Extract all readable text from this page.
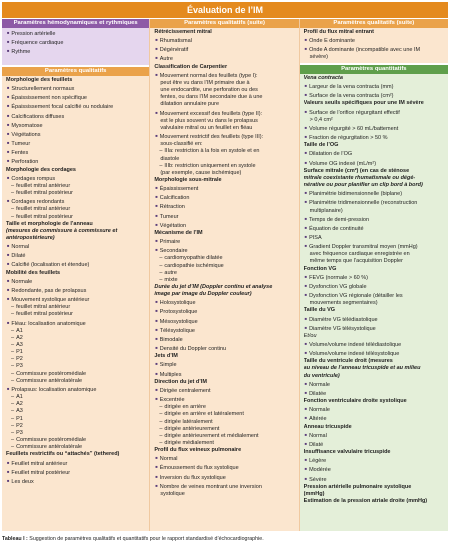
Évaluation de l’IM
Paramètres hémodynamiques et rythmiques
■ Pression artérielle
■ Fréquence cardiaque
■ Rythme
Paramètres qualitatifs
Morphologie des feuillets
■ Structurellement normaux
■ Épaississement non spécifique
■ Épaississement focal calcifié ou nodulaire
■ Calcifications diffuses
■ Myxomatose
■ Végétations
■ Tumeur
■ Fentes
■ Perforation
Morphologie des cordages
■ Cordages rompus
– feuillet mitral antérieur
– feuillet mitral postérieur
■ Cordages redondants
– feuillet mitral antérieur
– feuillet mitral postérieur
Taille et morphologie de l’anneau
(mesures de commissure à commissure et
antéropostérieure)
■ Normal
■ Dilaté
■ Calcifié (localisation et étendue)
Mobilité des feuillets
■ Normale
■ Redondante, pas de prolapsus
■ Mouvement systolique antérieur
– feuillet mitral antérieur
– feuillet mitral postérieur
■ Fléau: localisation anatomique
– A1
– A2
– A3
– P1
– P2
– P3
– Commissure postéromédiale
– Commissure antérolatérale
■ Prolapsus: localisation anatomique
– A1
– A2
– A3
– P1
– P2
– P3
– Commissure postéromédiale
– Commissure antérolatérale
Feuillets restrictifs ou “attachés” (tethered)
■ Feuillet mitral antérieur
■ Feuillet mitral postérieur
■ Les deux
Paramètres qualitatifs (suite)
Rétrécissement mitral
■ Rhumatismal
■ Dégénératif
■ Autre
Classification de Carpentier
■ Mouvement normal des feuillets (type I):
peut être vu dans l’IM primaire due à
une endocardite, une perforation ou des
fentes, ou dans l’IM secondaire due à une
dilatation annulaire pure
■ Mouvement excessif des feuillets (type II):
est le plus souvent vu dans le prolapsus
valvulaire mitral ou un feuillet en fléau
■ Mouvement restrictif des feuillets (type III):
sous-classifié en:
– IIIa: restriction à la fois en systole et en
diastole
– IIIb: restriction uniquement en systole
(par exemple, cause ischémique)
Morphologie sous-mitrale
■ Épaississement
■ Calcification
■ Rétraction
■ Tumeur
■ Végétation
Mécanisme de l’IM
■ Primaire
■ Secondaire
– cardiomyopathie dilatée
– cardiopathie ischémique
– autre
– mixte
Durée du jet d’IM (Doppler continu et analyse
image par image du Doppler couleur)
■ Holosystolique
■ Protosystolique
■ Mésosystolique
■ Télésystolique
■ Bimodale
■ Densité du Doppler continu
Jets d’IM
■ Simple
■ Multiples
Direction du jet d’IM
■ Dirigée centralement
■ Excentrée
– dirigée en arrière
– dirigée en arrière et latéralement
– dirigée latéralement
– dirigée antérieurement
– dirigée antérieurement et médialement
– dirigée médialement
Profil du flux veineux pulmonaire
■ Normal
■ Émoussement du flux systolique
■ Inversion du flux systolique
■ Nombre de veines montrant une inversion
systolique
Paramètres qualitatifs (suite)
Profil du flux mitral entrant
■ Onde E dominante
■ Onde A dominante (incompatible avec une IM
sévère)
Paramètres quantitatifs
Vena contracta
■ Largeur de la vena contracta (mm)
■ Surface de la vena contracta (cm²)
Valeurs seuils spécifiques pour une IM sévère
■ Surface de l’orifice régurgitant effectif
> 0,4 cm²
■ Volume régurgité > 60 mL/battement
■ Fraction de régurgitation > 50 %
Taille de l’OG
■ Dilatation de l’OG
■ Volume OG indexé (mL/m²)
Surface mitrale (cm²) (en cas de sténose
mitrale coexistante rhumatismale ou dégé-
nérative ou pour planifier un clip bord à bord)
■ Planimétrie bidimensionnelle (biplane)
■ Planimétrie tridimensionnelle (reconstruction
multiplanaire)
■ Temps de demi-pression
■ Équation de continuité
■ PISA
■ Gradient Doppler transmitral moyen (mmHg)
avec fréquence cardiaque enregistrée en
même temps que l’acquisition Doppler
Fonction VG
■ FEVG (normale > 60 %)
■ Dysfonction VG globale
■ Dysfonction VG régionale (détailler les
mouvements segmentaires)
Taille du VG
■ Diamètre VG télédiastolique
■ Diamètre VG télésystolique
Et/ou
■ Volume/volume indexé télédiastolique
■ Volume/volume indexé télésystolique
Taille du ventricule droit (mesures
au niveau de l’anneau tricuspide et au milieu
du ventricule)
■ Normale
■ Dilatée
Fonction ventriculaire droite systolique
■ Normale
■ Altérée
Anneau tricuspide
■ Normal
■ Dilaté
Insuffisance valvulaire tricuspide
■ Légère
■ Modérée
■ Sévère
Pression artérielle pulmonaire systolique
(mmHg)
Estimation de la pression atriale droite (mmHg)
Tableau I : Suggestion de paramètres qualitatifs et quantitatifs pour le rapport standardisé d’échocardiographie.
